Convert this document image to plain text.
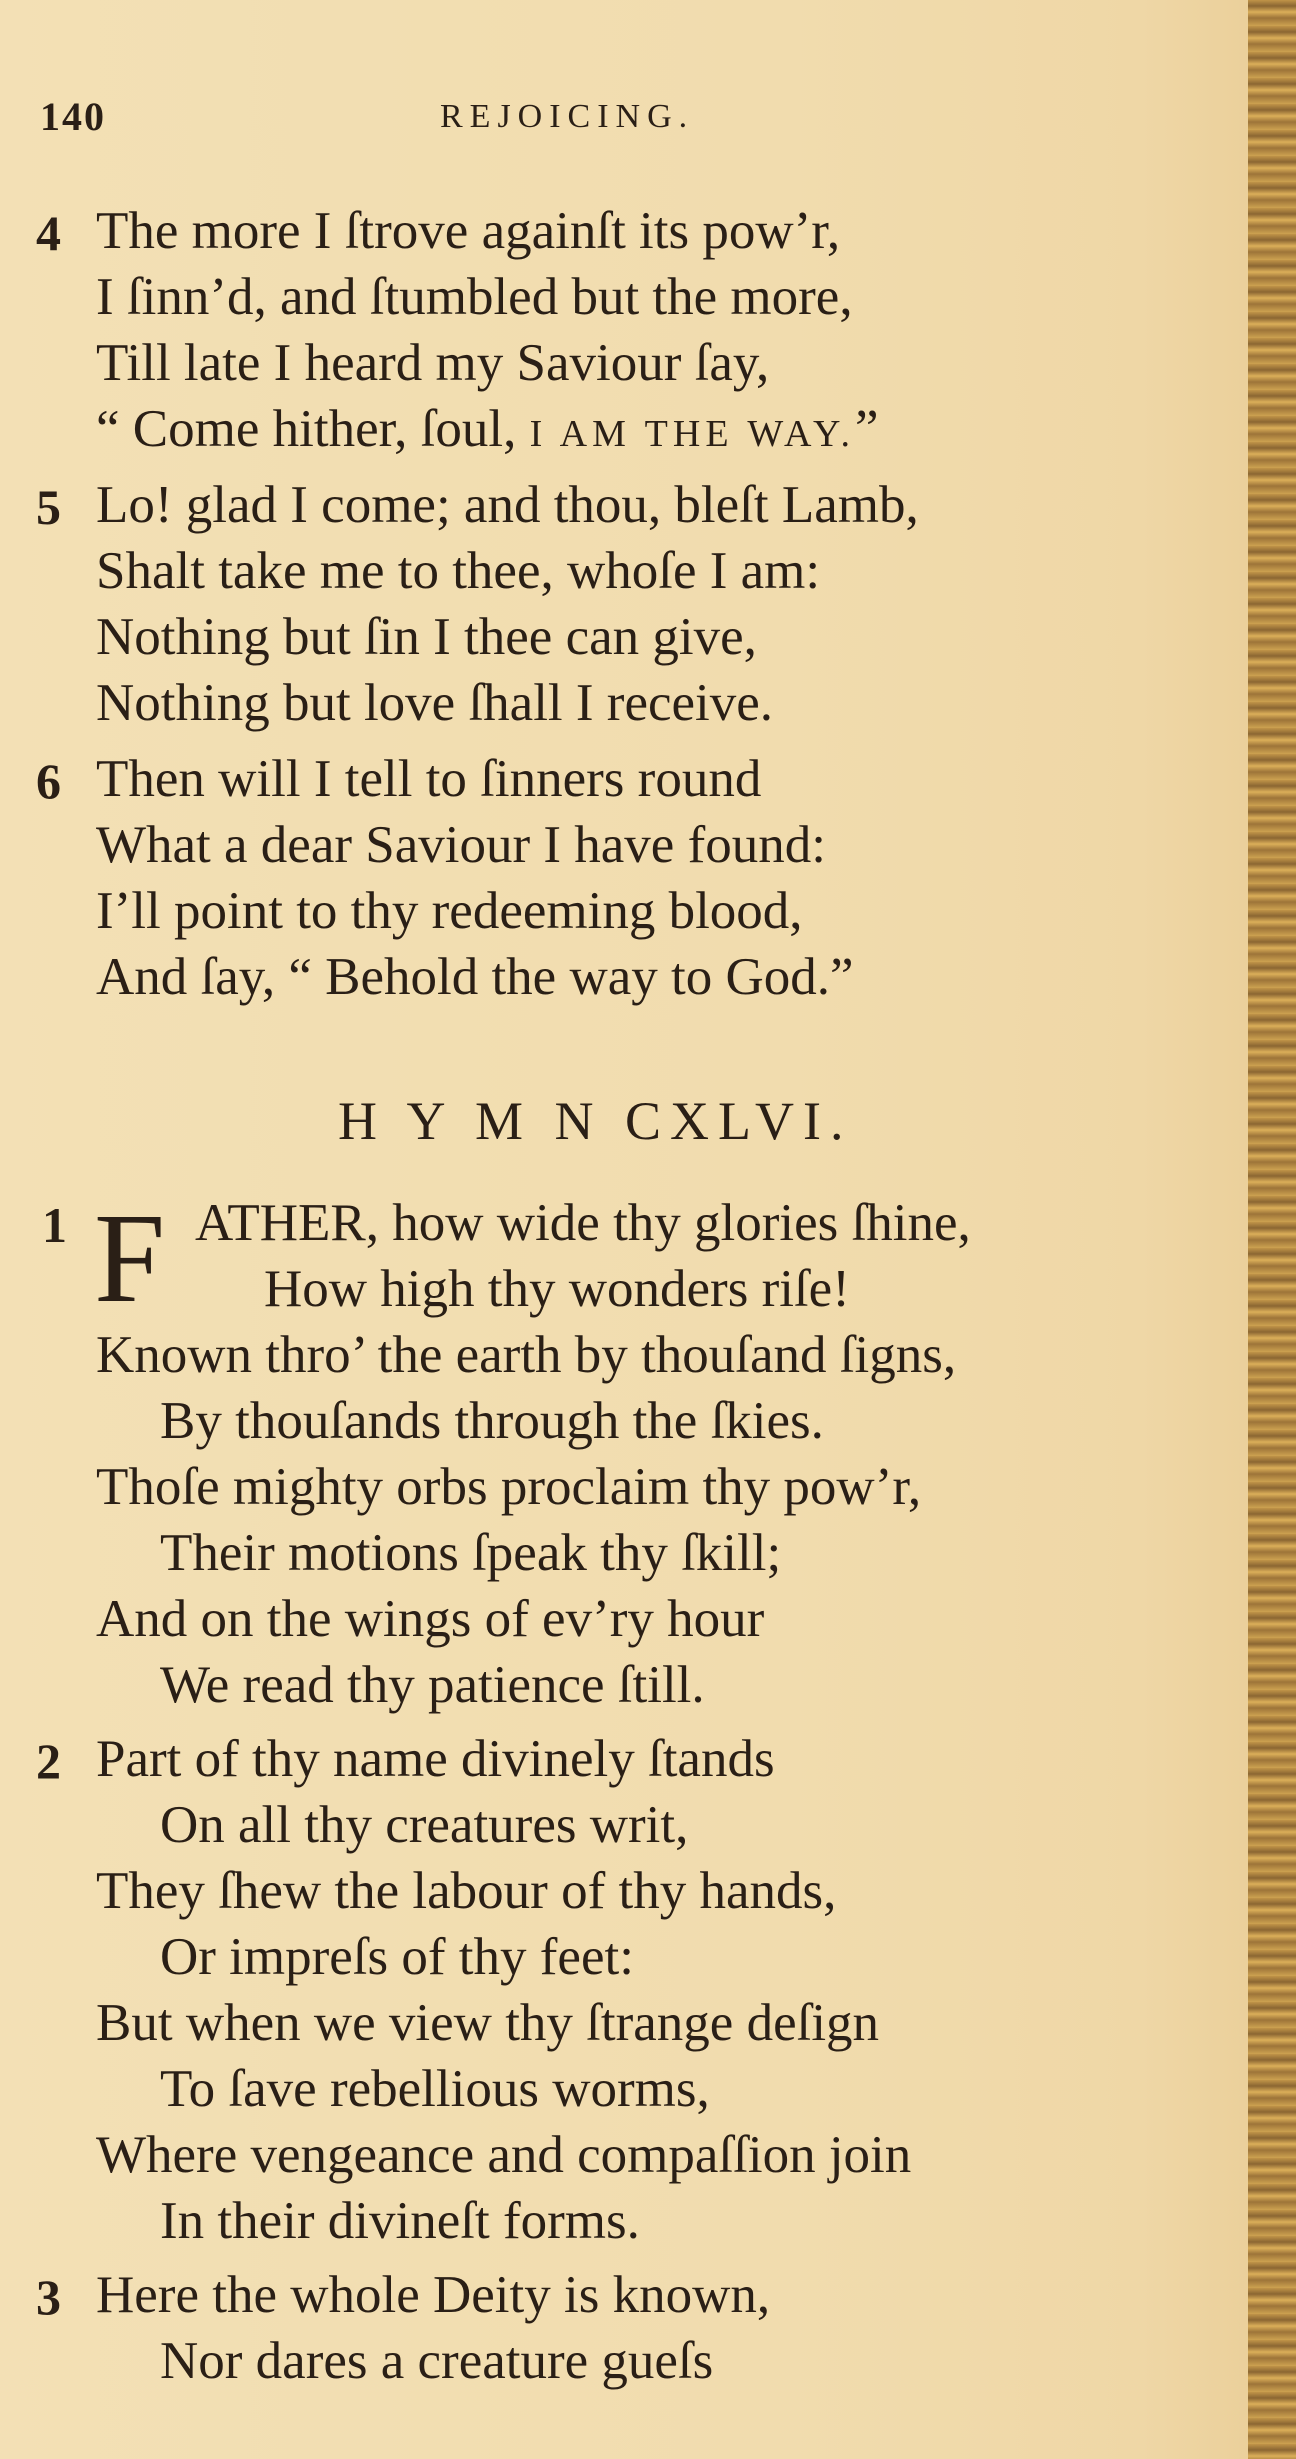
140	REJOICING.
4 The more I ſtrove againſt its pow’r,
I ſinn’d, and ſtumbled but the more,
Till late I heard my Saviour ſay,
“ Come hither, ſoul, I AM THE WAY.”
5 Lo! glad I come; and thou, bleſt Lamb,
Shalt take me to thee, whoſe I am:
Nothing but ſin I thee can give,
Nothing but love ſhall I receive.
6 Then will I tell to ſinners round
What a dear Saviour I have found:
I’ll point to thy redeeming blood,
And ſay, “ Behold the way to God.”
H Y M N CXLVI.
1 F ATHER, how wide thy glories ſhine,
How high thy wonders riſe!
Known thro’ the earth by thouſand ſigns,
By thouſands through the ſkies.
Thoſe mighty orbs proclaim thy pow’r,
Their motions ſpeak thy ſkill;
And on the wings of ev’ry hour
We read thy patience ſtill.
2 Part of thy name divinely ſtands
On all thy creatures writ,
They ſhew the labour of thy hands,
Or impreſs of thy feet:
But when we view thy ſtrange deſign
To ſave rebellious worms,
Where vengeance and compaſſion join
In their divineſt forms.
3 Here the whole Deity is known,
Nor dares a creature gueſs
